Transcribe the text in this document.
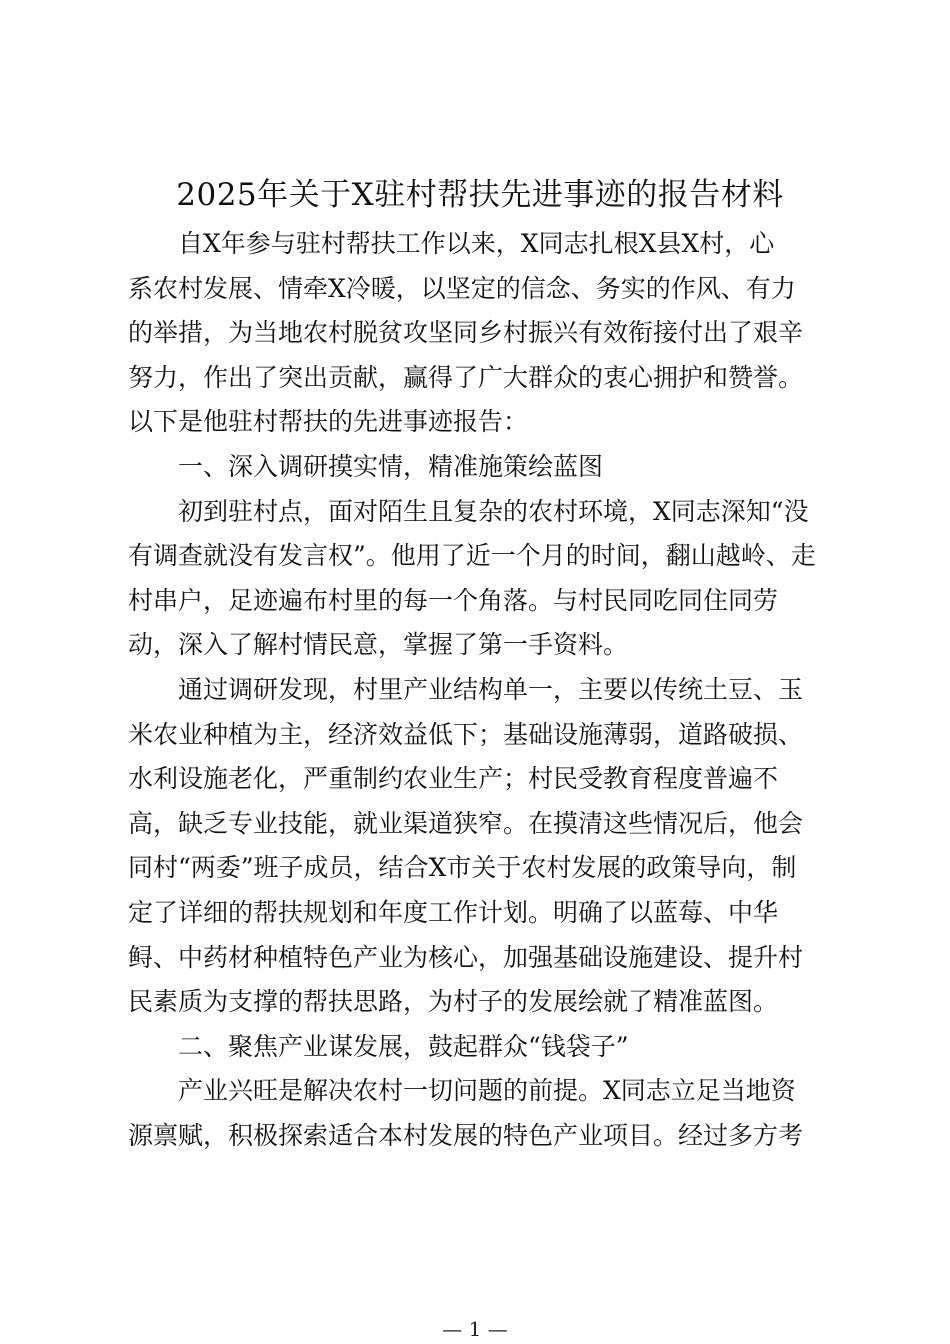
2025年关于X驻村帮扶先进事迹的报告材料
自X年参与驻村帮扶工作以来，X同志扎根X县X村，心
系农村发展、情牵X冷暖，以坚定的信念、务实的作风、有力
的举措，为当地农村脱贫攻坚同乡村振兴有效衔接付出了艰辛
努力，作出了突出贡献，赢得了广大群众的衷心拥护和赞誉。
以下是他驻村帮扶的先进事迹报告：
一、深入调研摸实情，精准施策绘蓝图
初到驻村点，面对陌生且复杂的农村环境，X同志深知“没
有调查就没有发言权”。他用了近一个月的时间，翻山越岭、走
村串户，足迹遍布村里的每一个角落。与村民同吃同住同劳
动，深入了解村情民意，掌握了第一手资料。
通过调研发现，村里产业结构单一，主要以传统土豆、玉
米农业种植为主，经济效益低下；基础设施薄弱，道路破损、
水利设施老化，严重制约农业生产；村民受教育程度普遍不
高，缺乏专业技能，就业渠道狭窄。在摸清这些情况后，他会
同村“两委”班子成员，结合X市关于农村发展的政策导向，制
定了详细的帮扶规划和年度工作计划。明确了以蓝莓、中华
鲟、中药材种植特色产业为核心，加强基础设施建设、提升村
民素质为支撑的帮扶思路，为村子的发展绘就了精准蓝图。
二、聚焦产业谋发展，鼓起群众“钱袋子”
产业兴旺是解决农村一切问题的前提。X同志立足当地资
源禀赋，积极探索适合本村发展的特色产业项目。经过多方考
— 1 —
